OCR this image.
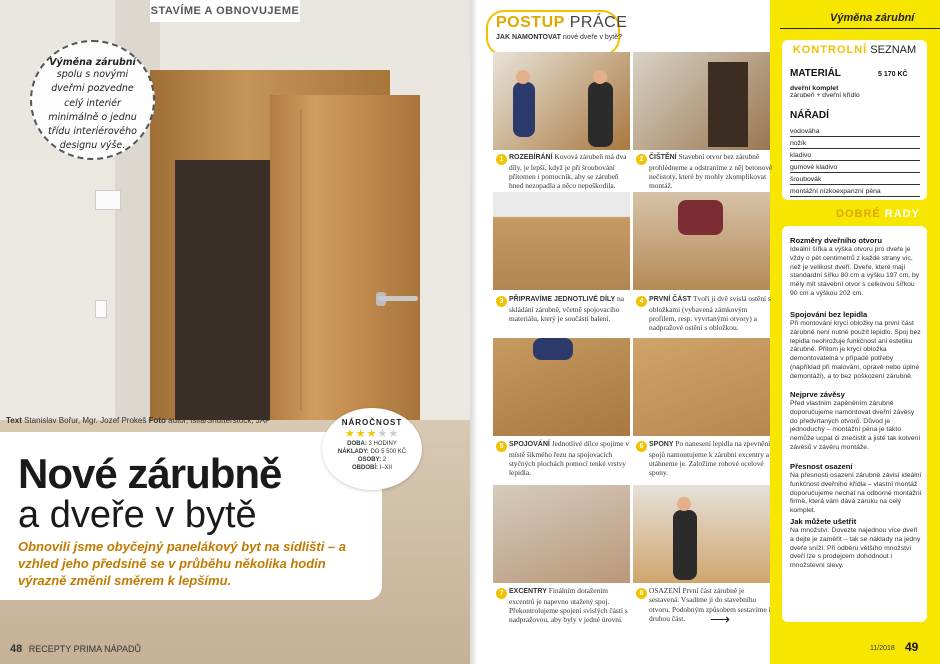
STAVÍME A OBNOVUJEME
Výměna zárubní
spolu s novými dveřmi pozvedne celý interiér minimálně o jednu třídu interiérového designu výše.
Text Stanislav Bořur, Mgr. Jozef Prokeš Foto autor, isifa/Shutterstock, JAP
Nové zárubně
a dveře v bytě
Obnovili jsme obyčejný panelákový byt na sídlišti – a vzhled jeho předsíně se v průběhu několika hodin výrazně změnil směrem k lepšímu.
NÁROČNOST
★★★★★
DOBA: 3 HODINY
NÁKLADY: DO 5 500 KČ
OSOBY: 2
OBDOBÍ: I–XII
48 RECEPTY PRIMA NÁPADŮ
POSTUP PRÁCE
JAK NAMONTOVAT nové dveře v bytě?
1 ROZEBÍRÁNÍ Kovová zárubeň má dva díly, je lepší, když je při šroubování přítomen i pomocník, aby se zárubeň hned nezopadla a něco nepoškodila.
2 ČIŠTĚNÍ Stavební otvor bez zárubně prohlédneme a odstraníme z něj betonové nečistoty, které by mohly zkomplikovat montáž.
3 PŘIPRAVÍME JEDNOTLIVÉ DÍLY na skládání zárubně, včetně spojovacího materiálu, který je součástí balení.
4 PRVNÍ ČÁST Tvoří ji dvě svislá ostění s obložkami (vybavená zámkovým profilem, resp. vyvrtanými otvory) a nadpražové ostění s obložkou.
5 SPOJOVÁNÍ Jednotlivé dílce spojíme v místě šikmého řezu na spojovacích styčných plochách pomocí tenké vrstvy lepidla.
6 SPONY Po nanesení lepidla na zpevnění spojů namontujeme k zárubni excentry a utáhneme je. Založíme rohové ocelové spony.
7 EXCENTRY Finálním dotažením excentrů je napevno utažený spoj. Překontrolujeme spojení svislých částí s nadpražovou, aby byly v jedné úrovni.
8 OSAZENÍ První část zárubně je sestavená. Vsadíme ji do stavebního otvoru. Podobným způsobem sestavíme i druhou část.	⟶
Výměna zárubní
KONTROLNÍ SEZNAM
MATERIÁL	5 170 KČ
dveřní komplet
zárubeň + dveřní křídlo
NÁŘADÍ
vodováha
nožík
kladivo
gumové kladivo
šroubovák
montážní nízkoexpanzní pěna
DOBRÉ RADY
Rozměry dveřního otvoru
Ideální šířka a výška otvoru pro dveře je vždy o pět centimetrů z každé strany víc, než je velikost dveří. Dveře, které mají standardní šířku 80 cm a výšku 197 cm, by měly mít stavební otvor s celkovou šířkou 90 cm a výškou 202 cm.
Spojování bez lepidla
Při montování krycí obložky na první část zárubně není nutné použít lepidlo. Spoj bez lepidla neohrožuje funkčnost ani estetiku zárubně. Přitom je krycí obložka demontovatelná v případě potřeby (například při malování, opravě nebo úplné demontáži), a to bez poškození zárubně.
Nejprve závěsy
Před vlastním zapěněním zárubně doporučujeme namontovat dveřní závěsy do předvrtaných otvorů. Důvod je jednoduchý – montážní pěna je takto nemůže ucpat či znečistit a jistě tak kotvení závěsů v závěru montáže.
Přesnost osazení
Na přesnosti osazení zárubně závisí ideální funkčnost dveřního křídla – vlastní montáž doporučujeme nechat na odborné montážní firmě, která vám dává záruku na celý komplet.
Jak můžete ušetřit
Na množství. Dovezte najednou více dveří a dejte je zaměřit – tak se náklady na jedny dveře sníží. Při odběru většího množství dveří lze s prodejcem dohodnout i množstevní slevy.
11/2018 49
